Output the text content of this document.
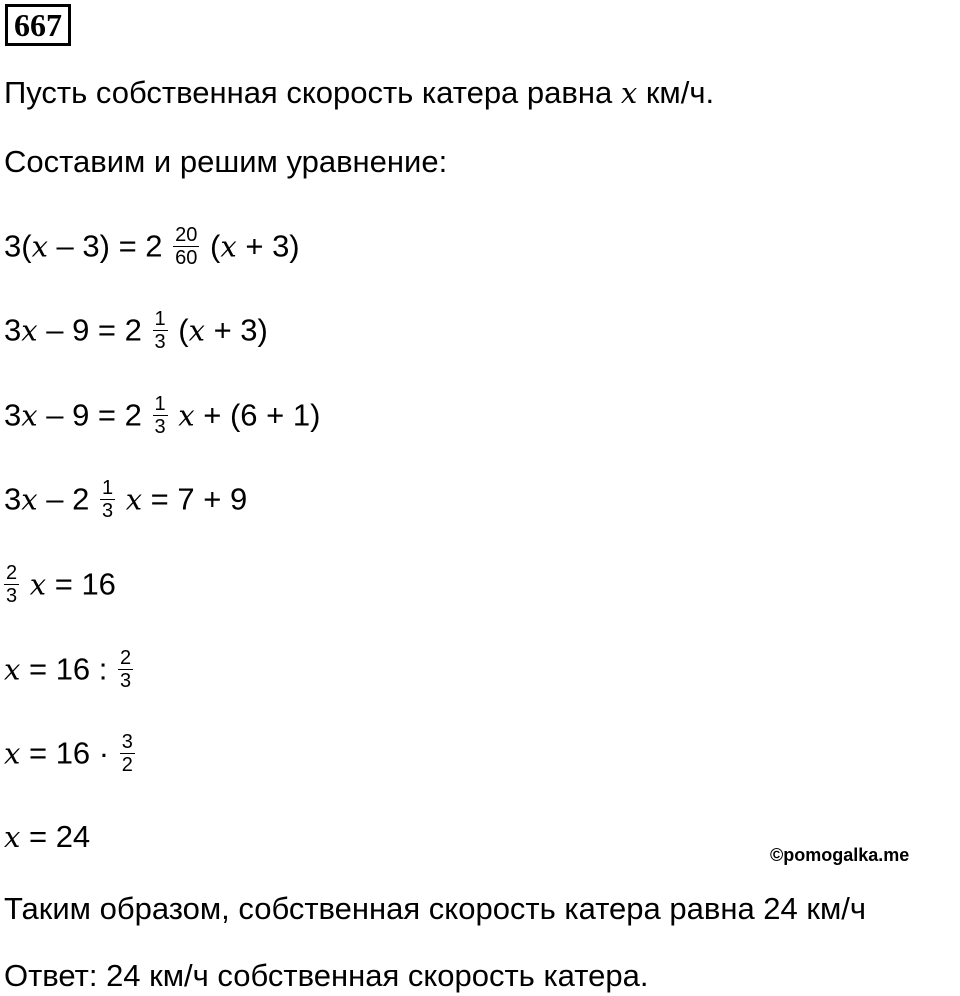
667
Пусть собственная скорость катера равна x км/ч.
Составим и решим уравнение:
$3(x - 3) = 2 \frac{20}{60} (x + 3)$
$3x - 9 = 2 \frac{1}{3} (x + 3)$
$3x - 9 = 2 \frac{1}{3}$ x + (6 + 1)
$3x - 2 \frac{1}{3}$ x = 7 + 9
$\frac{2}{3}$ x = 16
x = 16 : $\frac{2}{3}$
$x = 16 \cdot \frac{3}{2}$
x = 24
©pomogalka.me
Таким образом, собственная скорость катера равна 24 км/ч
Ответ: 24 км/ч собственная скорость катера.
